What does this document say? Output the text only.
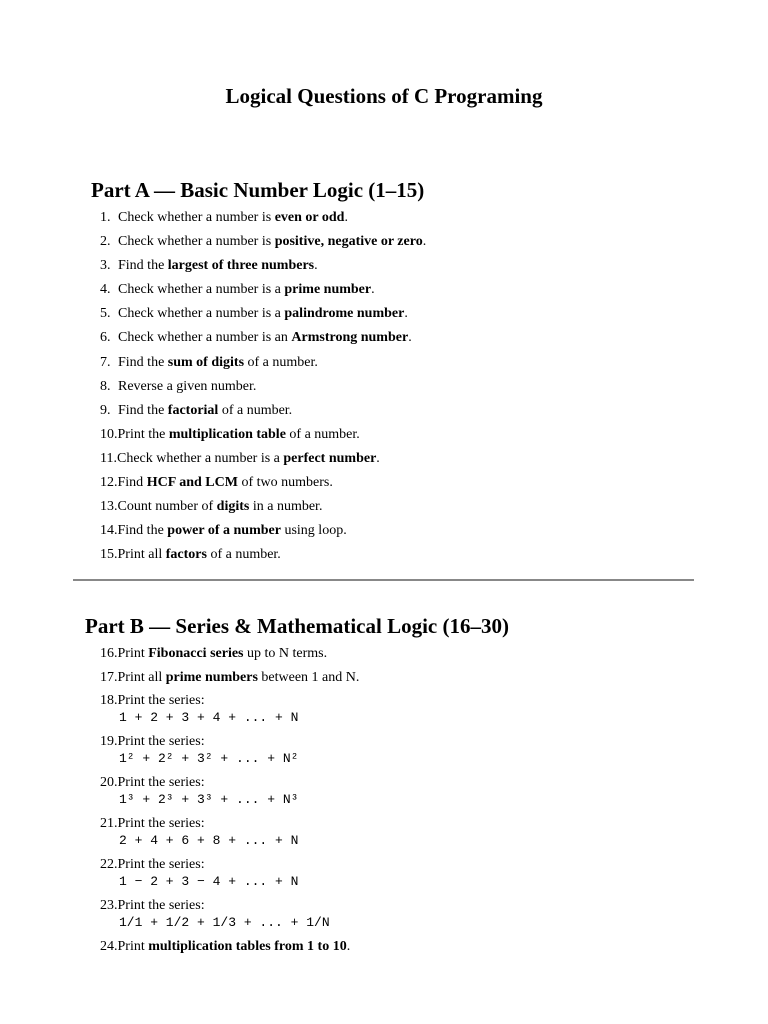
Logical Questions of C Programing
Part A — Basic Number Logic (1–15)
1. Check whether a number is even or odd.
2. Check whether a number is positive, negative or zero.
3. Find the largest of three numbers.
4. Check whether a number is a prime number.
5. Check whether a number is a palindrome number.
6. Check whether a number is an Armstrong number.
7. Find the sum of digits of a number.
8. Reverse a given number.
9. Find the factorial of a number.
10.Print the multiplication table of a number.
11.Check whether a number is a perfect number.
12.Find HCF and LCM of two numbers.
13.Count number of digits in a number.
14.Find the power of a number using loop.
15.Print all factors of a number.
Part B — Series & Mathematical Logic (16–30)
16.Print Fibonacci series up to N terms.
17.Print all prime numbers between 1 and N.
18.Print the series:
1 + 2 + 3 + 4 + ... + N
19.Print the series:
1² + 2² + 3² + ... + N²
20.Print the series:
1³ + 2³ + 3³ + ... + N³
21.Print the series:
2 + 4 + 6 + 8 + ... + N
22.Print the series:
1 − 2 + 3 − 4 + ... + N
23.Print the series:
1/1 + 1/2 + 1/3 + ... + 1/N
24.Print multiplication tables from 1 to 10.
